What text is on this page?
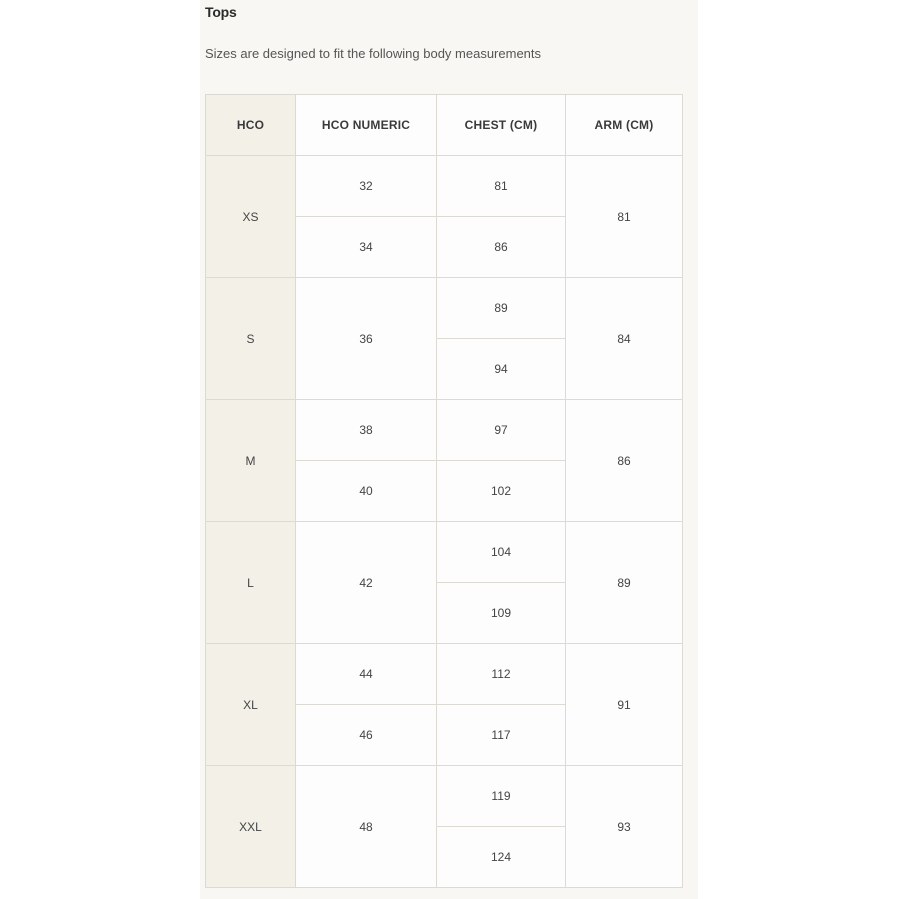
Tops
Sizes are designed to fit the following body measurements
HCO	HCO NUMERIC	CHEST (CM)	ARM (CM)
XS	32	81	81
	34	86	
S	36	89	84
		94	
M	38	97	86
	40	102	
L	42	104	89
		109	
XL	44	112	91
	46	117	
XXL	48	119	93
		124	
